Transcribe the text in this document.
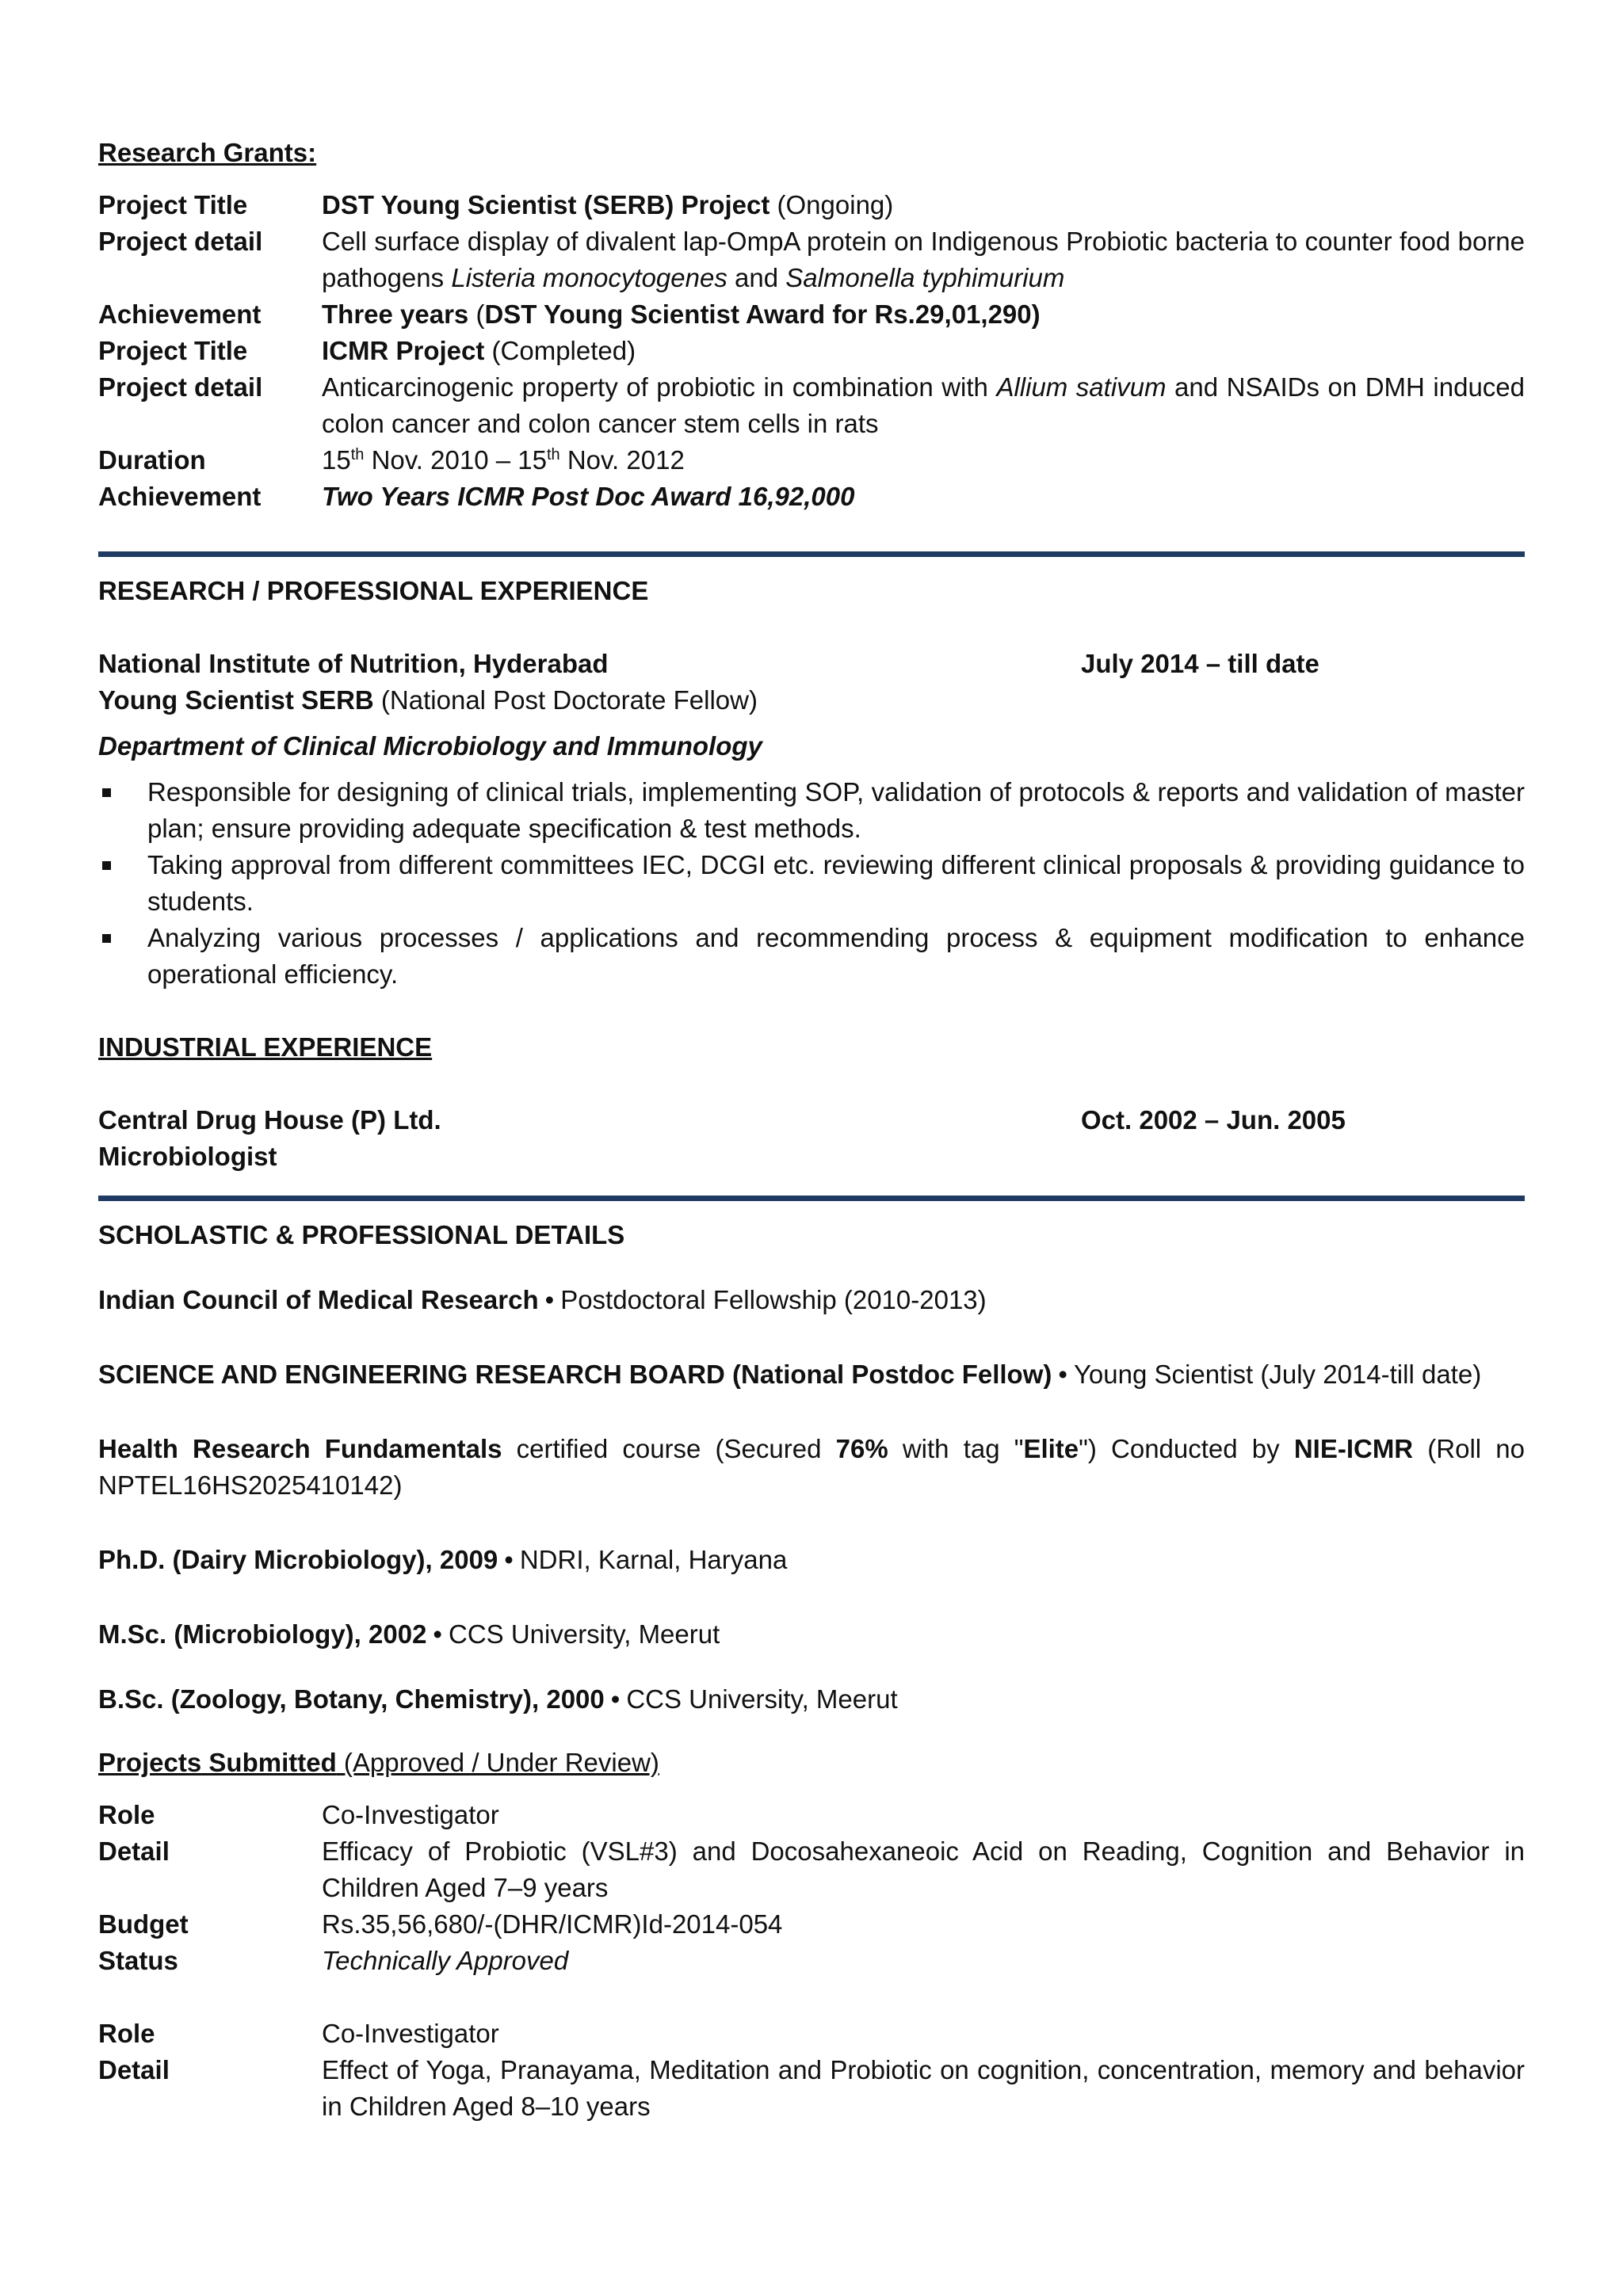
Research Grants:
Project Title	DST Young Scientist (SERB) Project (Ongoing)
Project detail	Cell surface display of divalent lap-OmpA protein on Indigenous Probiotic bacteria to counter food borne pathogens Listeria monocytogenes and Salmonella typhimurium
Achievement	Three years (DST Young Scientist Award for Rs.29,01,290)
Project Title	ICMR Project (Completed)
Project detail	Anticarcinogenic property of probiotic in combination with Allium sativum and NSAIDs on DMH induced colon cancer and colon cancer stem cells in rats
Duration	15th Nov. 2010 – 15th Nov. 2012
Achievement	Two Years ICMR Post Doc Award 16,92,000
RESEARCH / PROFESSIONAL EXPERIENCE
National Institute of Nutrition, Hyderabad	July 2014 – till date
Young Scientist SERB (National Post Doctorate Fellow)
Department of Clinical Microbiology and Immunology
Responsible for designing of clinical trials, implementing SOP, validation of protocols & reports and validation of master plan; ensure providing adequate specification & test methods.
Taking approval from different committees IEC, DCGI etc. reviewing different clinical proposals & providing guidance to students.
Analyzing various processes / applications and recommending process & equipment modification to enhance operational efficiency.
INDUSTRIAL EXPERIENCE
Central Drug House (P) Ltd.	Oct. 2002 – Jun. 2005
Microbiologist
SCHOLASTIC & PROFESSIONAL DETAILS
Indian Council of Medical Research • Postdoctoral Fellowship (2010-2013)
SCIENCE AND ENGINEERING RESEARCH BOARD (National Postdoc Fellow) • Young Scientist (July 2014-till date)
Health Research Fundamentals certified course (Secured 76% with tag "Elite") Conducted by NIE-ICMR (Roll no NPTEL16HS2025410142)
Ph.D. (Dairy Microbiology), 2009 • NDRI, Karnal, Haryana
M.Sc. (Microbiology), 2002 • CCS University, Meerut
B.Sc. (Zoology, Botany, Chemistry), 2000 • CCS University, Meerut
Projects Submitted (Approved / Under Review)
Role	Co-Investigator
Detail	Efficacy of Probiotic (VSL#3) and Docosahexaneoic Acid on Reading, Cognition and Behavior in Children Aged 7–9 years
Budget	Rs.35,56,680/-(DHR/ICMR)Id-2014-054
Status	Technically Approved
Role	Co-Investigator
Detail	Effect of Yoga, Pranayama, Meditation and Probiotic on cognition, concentration, memory and behavior in Children Aged 8–10 years
